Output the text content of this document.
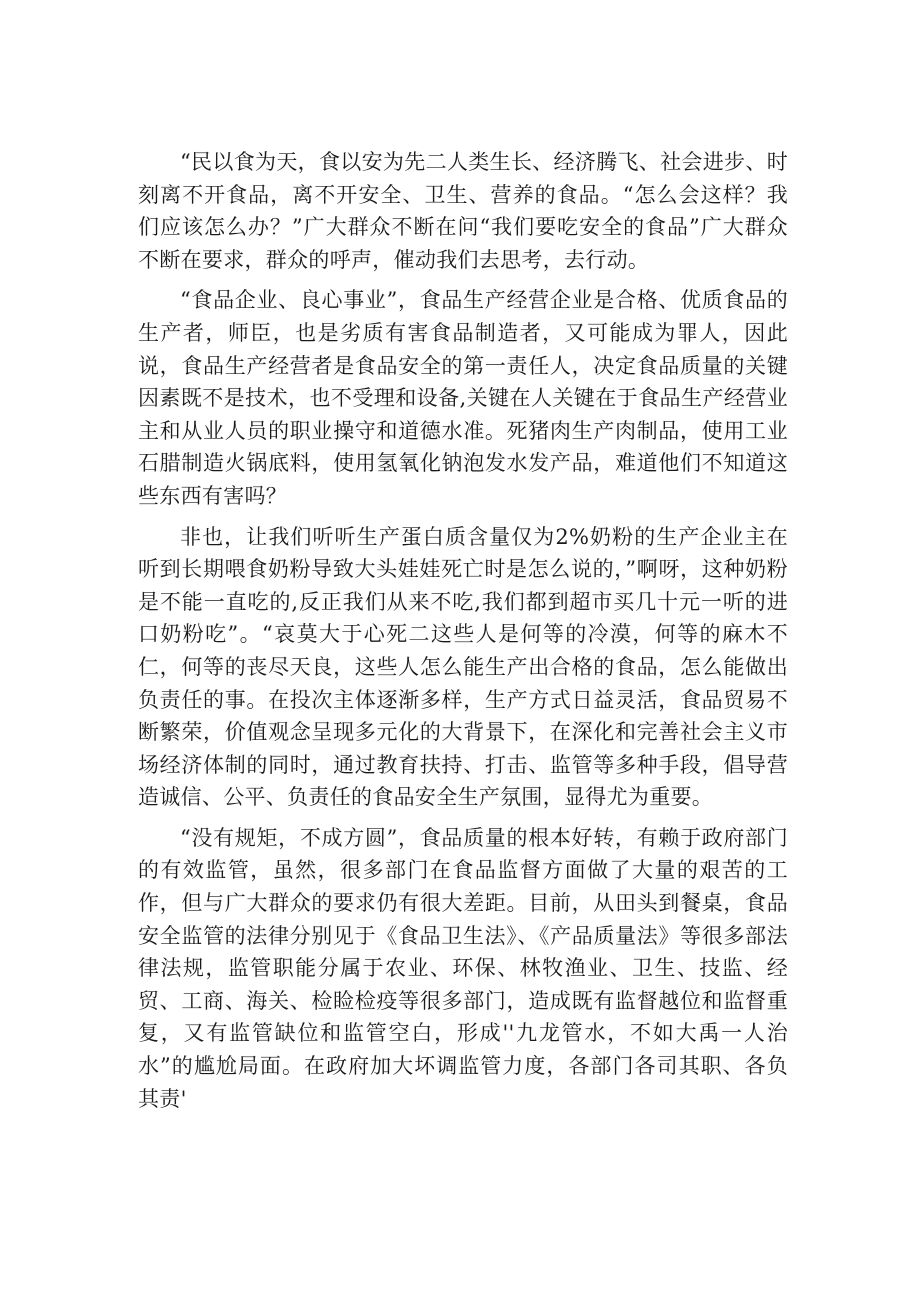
“民以食为天，食以安为先二人类生长、经济腾飞、社会进步、时刻离不开食品，离不开安全、卫生、营养的食品。“怎么会这样？我们应该怎么办？”广大群众不断在问“我们要吃安全的食品”广大群众不断在要求，群众的呼声，催动我们去思考，去行动。

“食品企业、良心事业”，食品生产经营企业是合格、优质食品的生产者，师臣，也是劣质有害食品制造者，又可能成为罪人，因此说，食品生产经营者是食品安全的第一责任人，决定食品质量的关键因素既不是技术，也不受理和设备,关键在人关键在于食品生产经营业主和从业人员的职业操守和道德水准。死猪肉生产肉制品，使用工业石腊制造火锅底料，使用氢氧化钠泡发水发产品，难道他们不知道这些东西有害吗？

非也，让我们听听生产蛋白质含量仅为2%奶粉的生产企业主在听到长期喂食奶粉导致大头娃娃死亡时是怎么说的，”啊呀，这种奶粉是不能一直吃的,反正我们从来不吃,我们都到超市买几十元一听的进口奶粉吃”。“哀莫大于心死二这些人是何等的冷漠，何等的麻木不仁，何等的丧尽天良，这些人怎么能生产出合格的食品，怎么能做出负责任的事。在投次主体逐渐多样，生产方式日益灵活，食品贸易不断繁荣，价值观念呈现多元化的大背景下，在深化和完善社会主义市场经济体制的同时，通过教育扶持、打击、监管等多种手段，倡导营造诚信、公平、负责任的食品安全生产氛围，显得尤为重要。

“没有规矩，不成方圆”，食品质量的根本好转，有赖于政府部门的有效监管，虽然，很多部门在食品监督方面做了大量的艰苦的工作，但与广大群众的要求仍有很大差距。目前，从田头到餐桌，食品安全监管的法律分别见于《食品卫生法》、《产品质量法》等很多部法律法规，监管职能分属于农业、环保、林牧渔业、卫生、技监、经贸、工商、海关、检睑检疫等很多部门，造成既有监督越位和监督重复，又有监管缺位和监管空白，形成''九龙管水，不如大禹一人治水”的尴尬局面。在政府加大坏调监管力度，各部门各司其职、各负其责'
